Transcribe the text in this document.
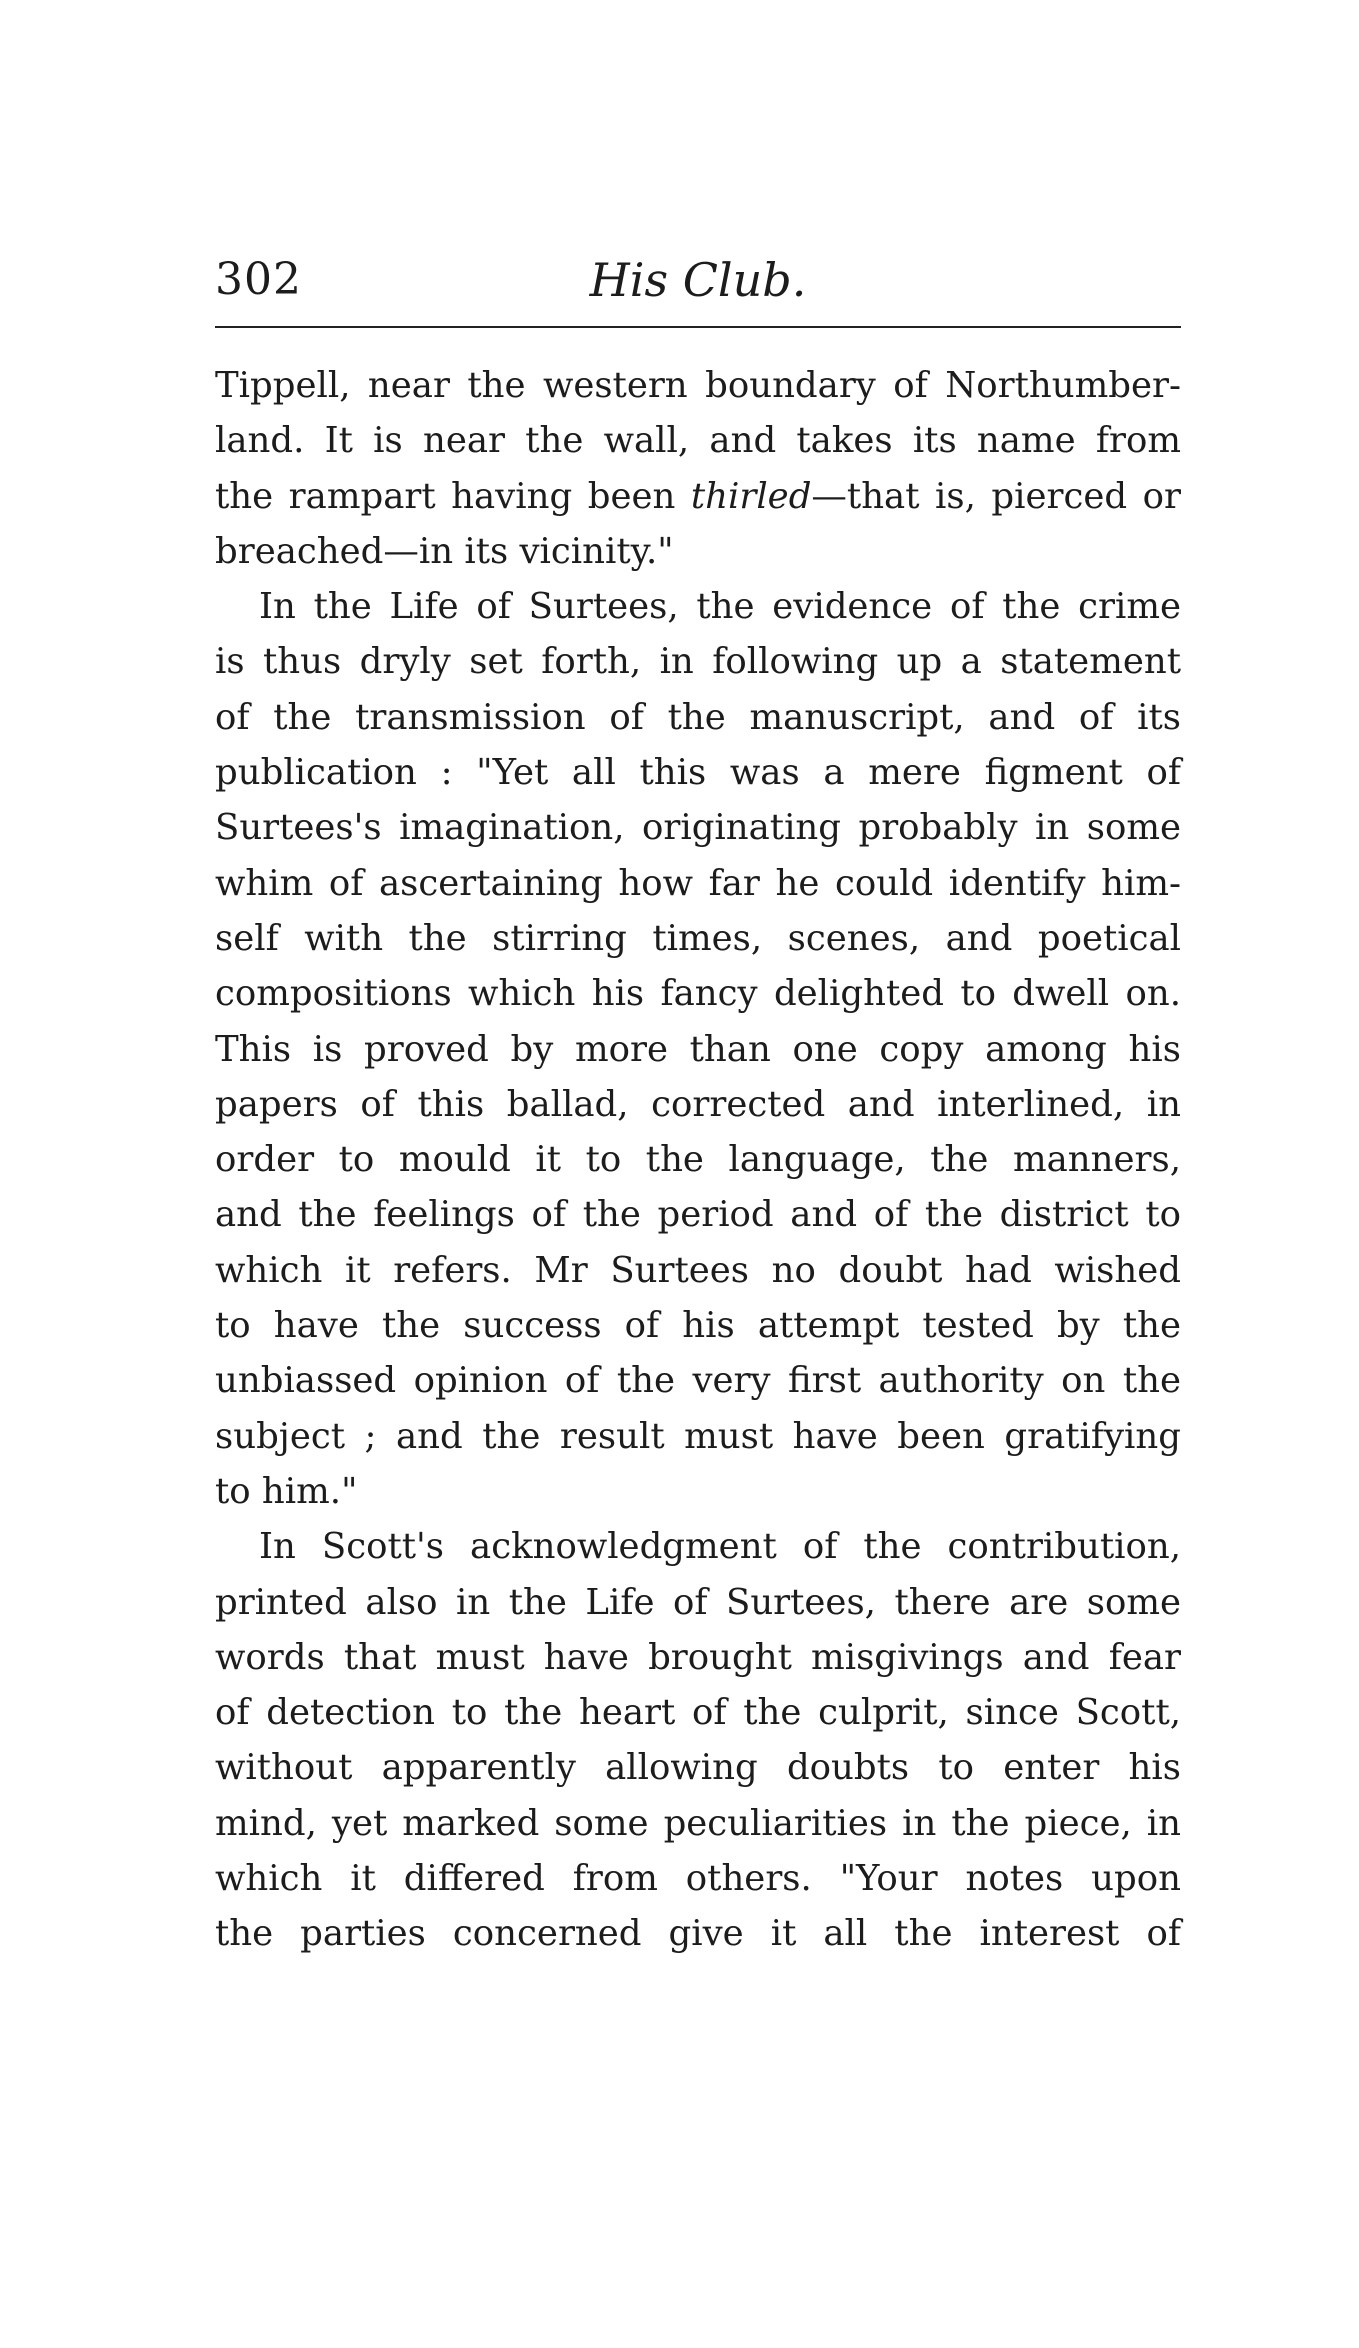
302	His Club.
Tippell, near the western boundary of Northumber-
land. It is near the wall, and takes its name from
the rampart having been thirled—that is, pierced or
breached—in its vicinity."
In the Life of Surtees, the evidence of the crime
is thus dryly set forth, in following up a statement
of the transmission of the manuscript, and of its
publication : "Yet all this was a mere figment of
Surtees's imagination, originating probably in some
whim of ascertaining how far he could identify him-
self with the stirring times, scenes, and poetical
compositions which his fancy delighted to dwell on.
This is proved by more than one copy among his
papers of this ballad, corrected and interlined, in
order to mould it to the language, the manners,
and the feelings of the period and of the district to
which it refers. Mr Surtees no doubt had wished
to have the success of his attempt tested by the
unbiassed opinion of the very first authority on the
subject ; and the result must have been gratifying
to him."
In Scott's acknowledgment of the contribution,
printed also in the Life of Surtees, there are some
words that must have brought misgivings and fear
of detection to the heart of the culprit, since Scott,
without apparently allowing doubts to enter his
mind, yet marked some peculiarities in the piece, in
which it differed from others. "Your notes upon
the parties concerned give it all the interest of
